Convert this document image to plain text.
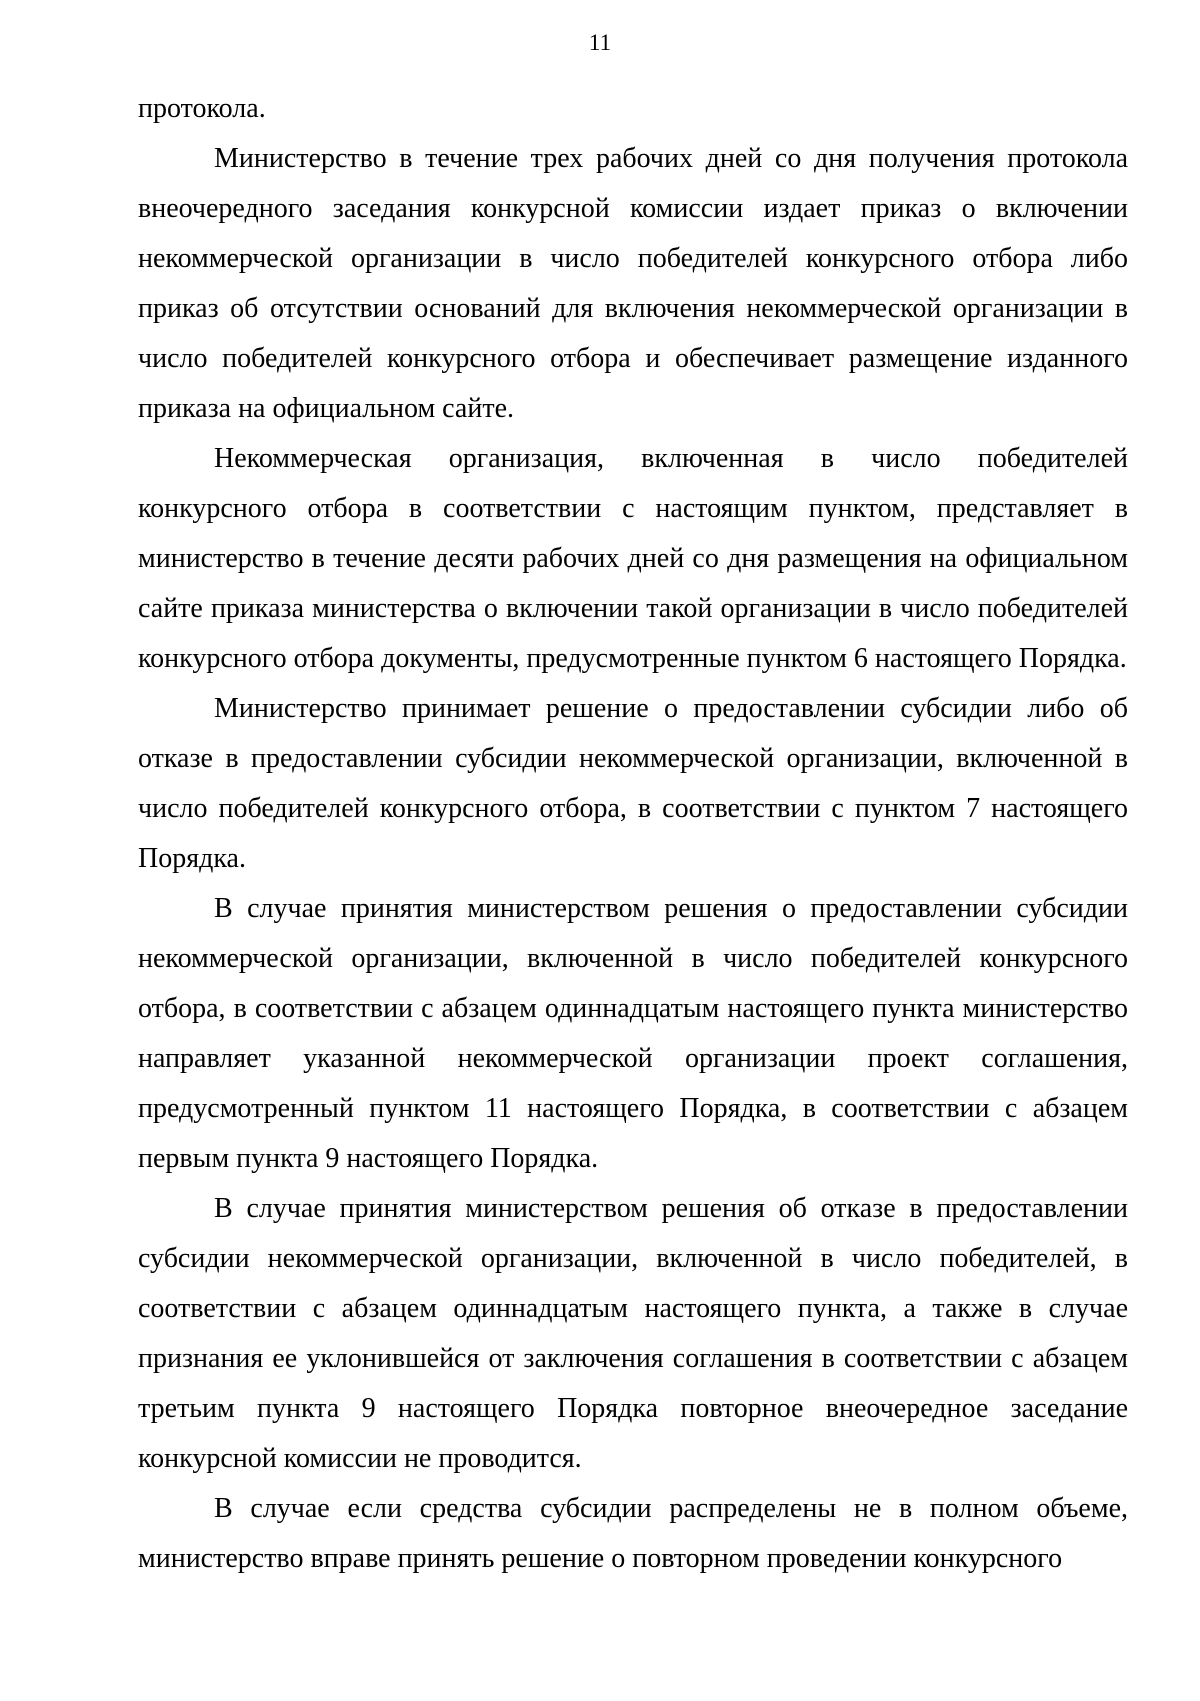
11

протокола.

Министерство в течение трех рабочих дней со дня получения протокола внеочередного заседания конкурсной комиссии издает приказ о включении некоммерческой организации в число победителей конкурсного отбора либо приказ об отсутствии оснований для включения некоммерческой организации в число победителей конкурсного отбора и обеспечивает размещение изданного приказа на официальном сайте.

Некоммерческая организация, включенная в число победителей конкурсного отбора в соответствии с настоящим пунктом, представляет в министерство в течение десяти рабочих дней со дня размещения на официальном сайте приказа министерства о включении такой организации в число победителей конкурсного отбора документы, предусмотренные пунктом 6 настоящего Порядка.

Министерство принимает решение о предоставлении субсидии либо об отказе в предоставлении субсидии некоммерческой организации, включенной в число победителей конкурсного отбора, в соответствии с пунктом 7 настоящего Порядка.

В случае принятия министерством решения о предоставлении субсидии некоммерческой организации, включенной в число победителей конкурсного отбора, в соответствии с абзацем одиннадцатым настоящего пункта министерство направляет указанной некоммерческой организации проект соглашения, предусмотренный пунктом 11 настоящего Порядка, в соответствии с абзацем первым пункта 9 настоящего Порядка.

В случае принятия министерством решения об отказе в предоставлении субсидии некоммерческой организации, включенной в число победителей, в соответствии с абзацем одиннадцатым настоящего пункта, а также в случае признания ее уклонившейся от заключения соглашения в соответствии с абзацем третьим пункта 9 настоящего Порядка повторное внеочередное заседание конкурсной комиссии не проводится.

В случае если средства субсидии распределены не в полном объеме, министерство вправе принять решение о повторном проведении конкурсного
